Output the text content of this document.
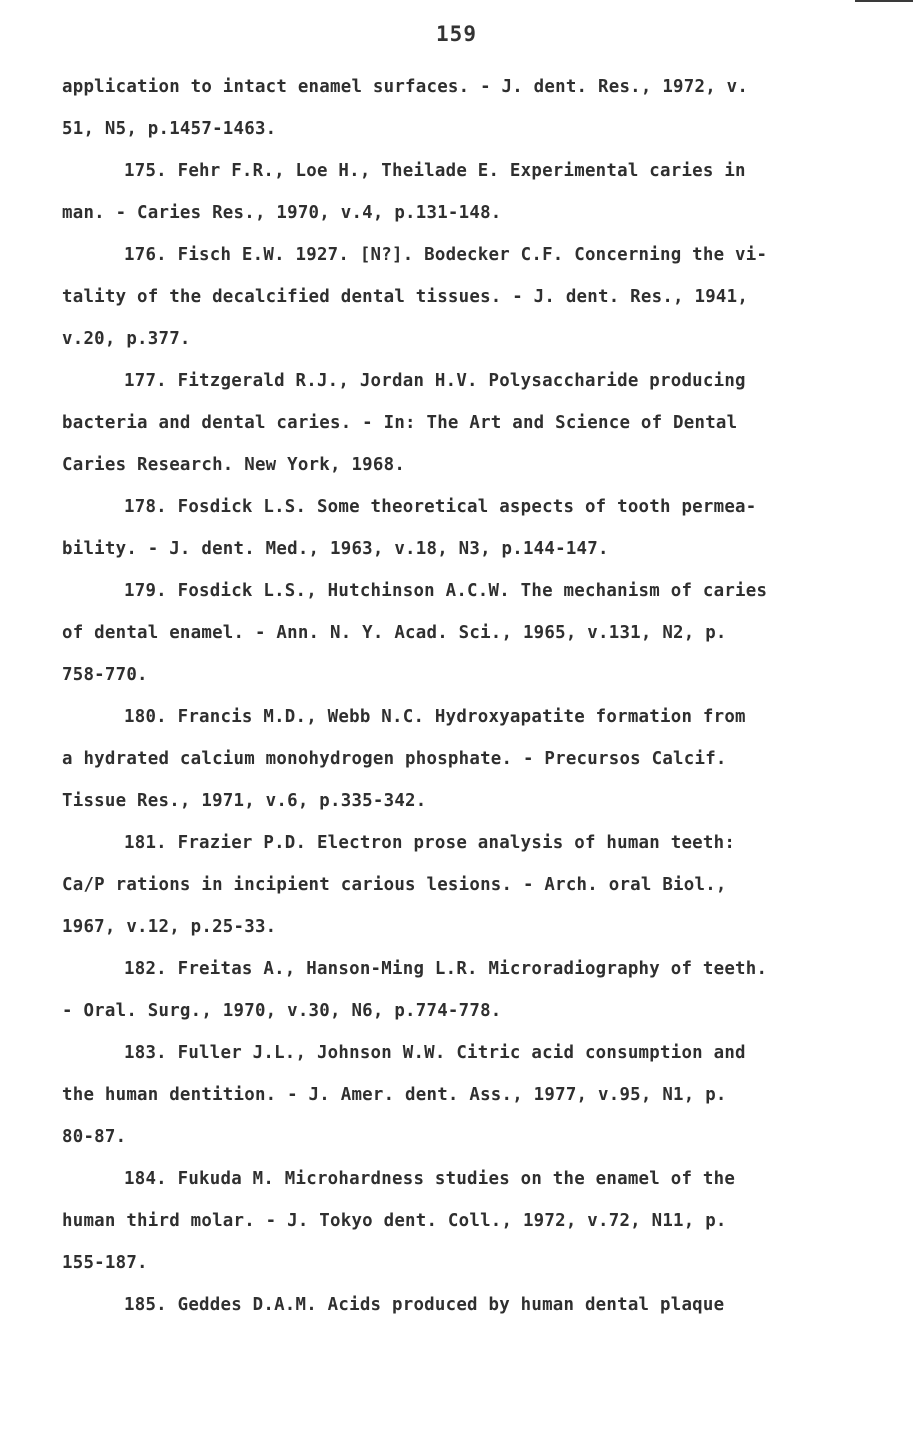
159
application to intact enamel surfaces. - J. dent. Res., 1972, v.
51, N5, p.1457-1463.
175. Fehr F.R., Loe H., Theilade E. Experimental caries in
man. - Caries Res., 1970, v.4, p.131-148.
176. Fisch E.W. 1927. [N?]. Bodecker C.F. Concerning the vi-
tality of the decalcified dental tissues. - J. dent. Res., 1941,
v.20, p.377.
177. Fitzgerald R.J., Jordan H.V. Polysaccharide producing
bacteria and dental caries. - In: The Art and Science of Dental
Caries Research. New York, 1968.
178. Fosdick L.S. Some theoretical aspects of tooth permea-
bility. - J. dent. Med., 1963, v.18, N3, p.144-147.
179. Fosdick L.S., Hutchinson A.C.W. The mechanism of caries
of dental enamel. - Ann. N. Y. Acad. Sci., 1965, v.131, N2, p.
758-770.
180. Francis M.D., Webb N.C. Hydroxyapatite formation from
a hydrated calcium monohydrogen phosphate. - Precursos Calcif.
Tissue Res., 1971, v.6, p.335-342.
181. Frazier P.D. Electron prose analysis of human teeth:
Ca/P rations in incipient carious lesions. - Arch. oral Biol.,
1967, v.12, p.25-33.
182. Freitas A., Hanson-Ming L.R. Microradiography of teeth.
- Oral. Surg., 1970, v.30, N6, p.774-778.
183. Fuller J.L., Johnson W.W. Citric acid consumption and
the human dentition. - J. Amer. dent. Ass., 1977, v.95, N1, p.
80-87.
184. Fukuda M. Microhardness studies on the enamel of the
human third molar. - J. Tokyo dent. Coll., 1972, v.72, N11, p.
155-187.
185. Geddes D.A.M. Acids produced by human dental plaque
